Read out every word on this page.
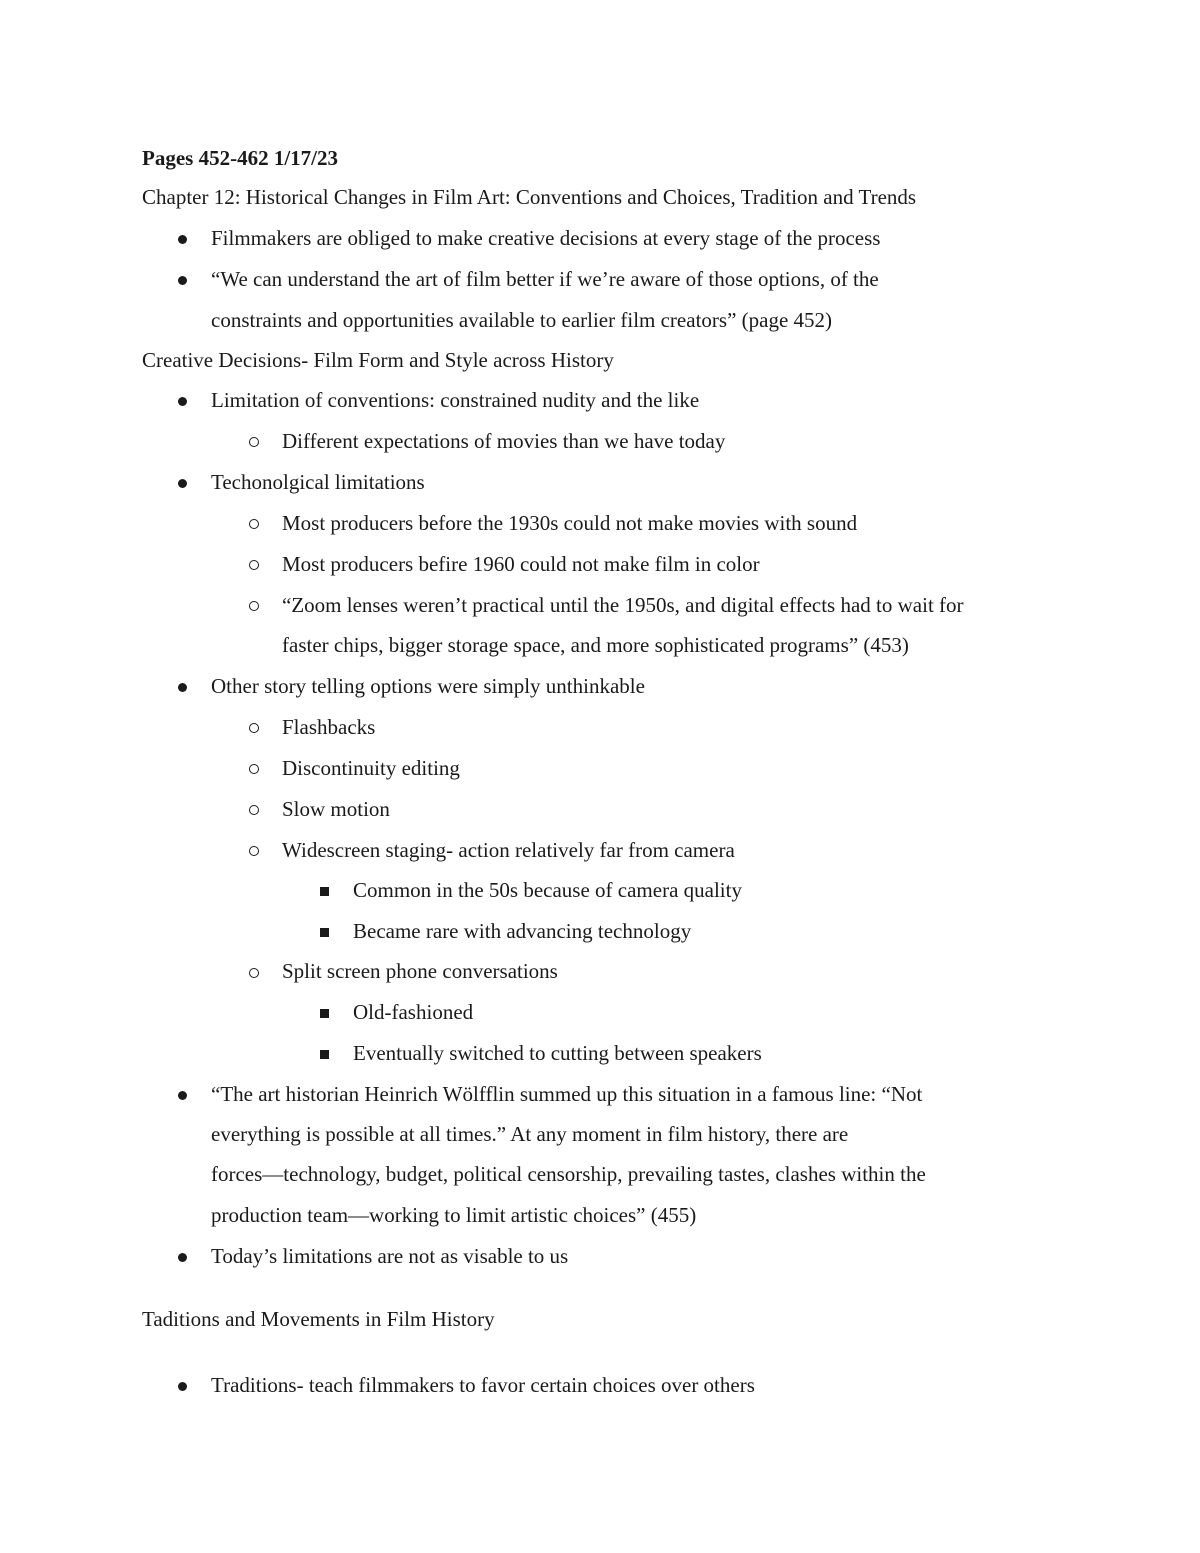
Pages 452-462 1/17/23
Chapter 12: Historical Changes in Film Art: Conventions and Choices, Tradition and Trends
Filmmakers are obliged to make creative decisions at every stage of the process
“We can understand the art of film better if we’re aware of those options, of the
constraints and opportunities available to earlier film creators” (page 452)
Creative Decisions- Film Form and Style across History
Limitation of conventions: constrained nudity and the like
Different expectations of movies than we have today
Techonolgical limitations
Most producers before the 1930s could not make movies with sound
Most producers befire 1960 could not make film in color
“Zoom lenses weren’t practical until the 1950s, and digital effects had to wait for
faster chips, bigger storage space, and more sophisticated programs” (453)
Other story telling options were simply unthinkable
Flashbacks
Discontinuity editing
Slow motion
Widescreen staging- action relatively far from camera
Common in the 50s because of camera quality
Became rare with advancing technology
Split screen phone conversations
Old-fashioned
Eventually switched to cutting between speakers
“The art historian Heinrich Wölfflin summed up this situation in a famous line: “Not
everything is possible at all times.” At any moment in film history, there are
forces—technology, budget, political censorship, prevailing tastes, clashes within the
production team—working to limit artistic choices” (455)
Today’s limitations are not as visable to us
Taditions and Movements in Film History
Traditions- teach filmmakers to favor certain choices over others
